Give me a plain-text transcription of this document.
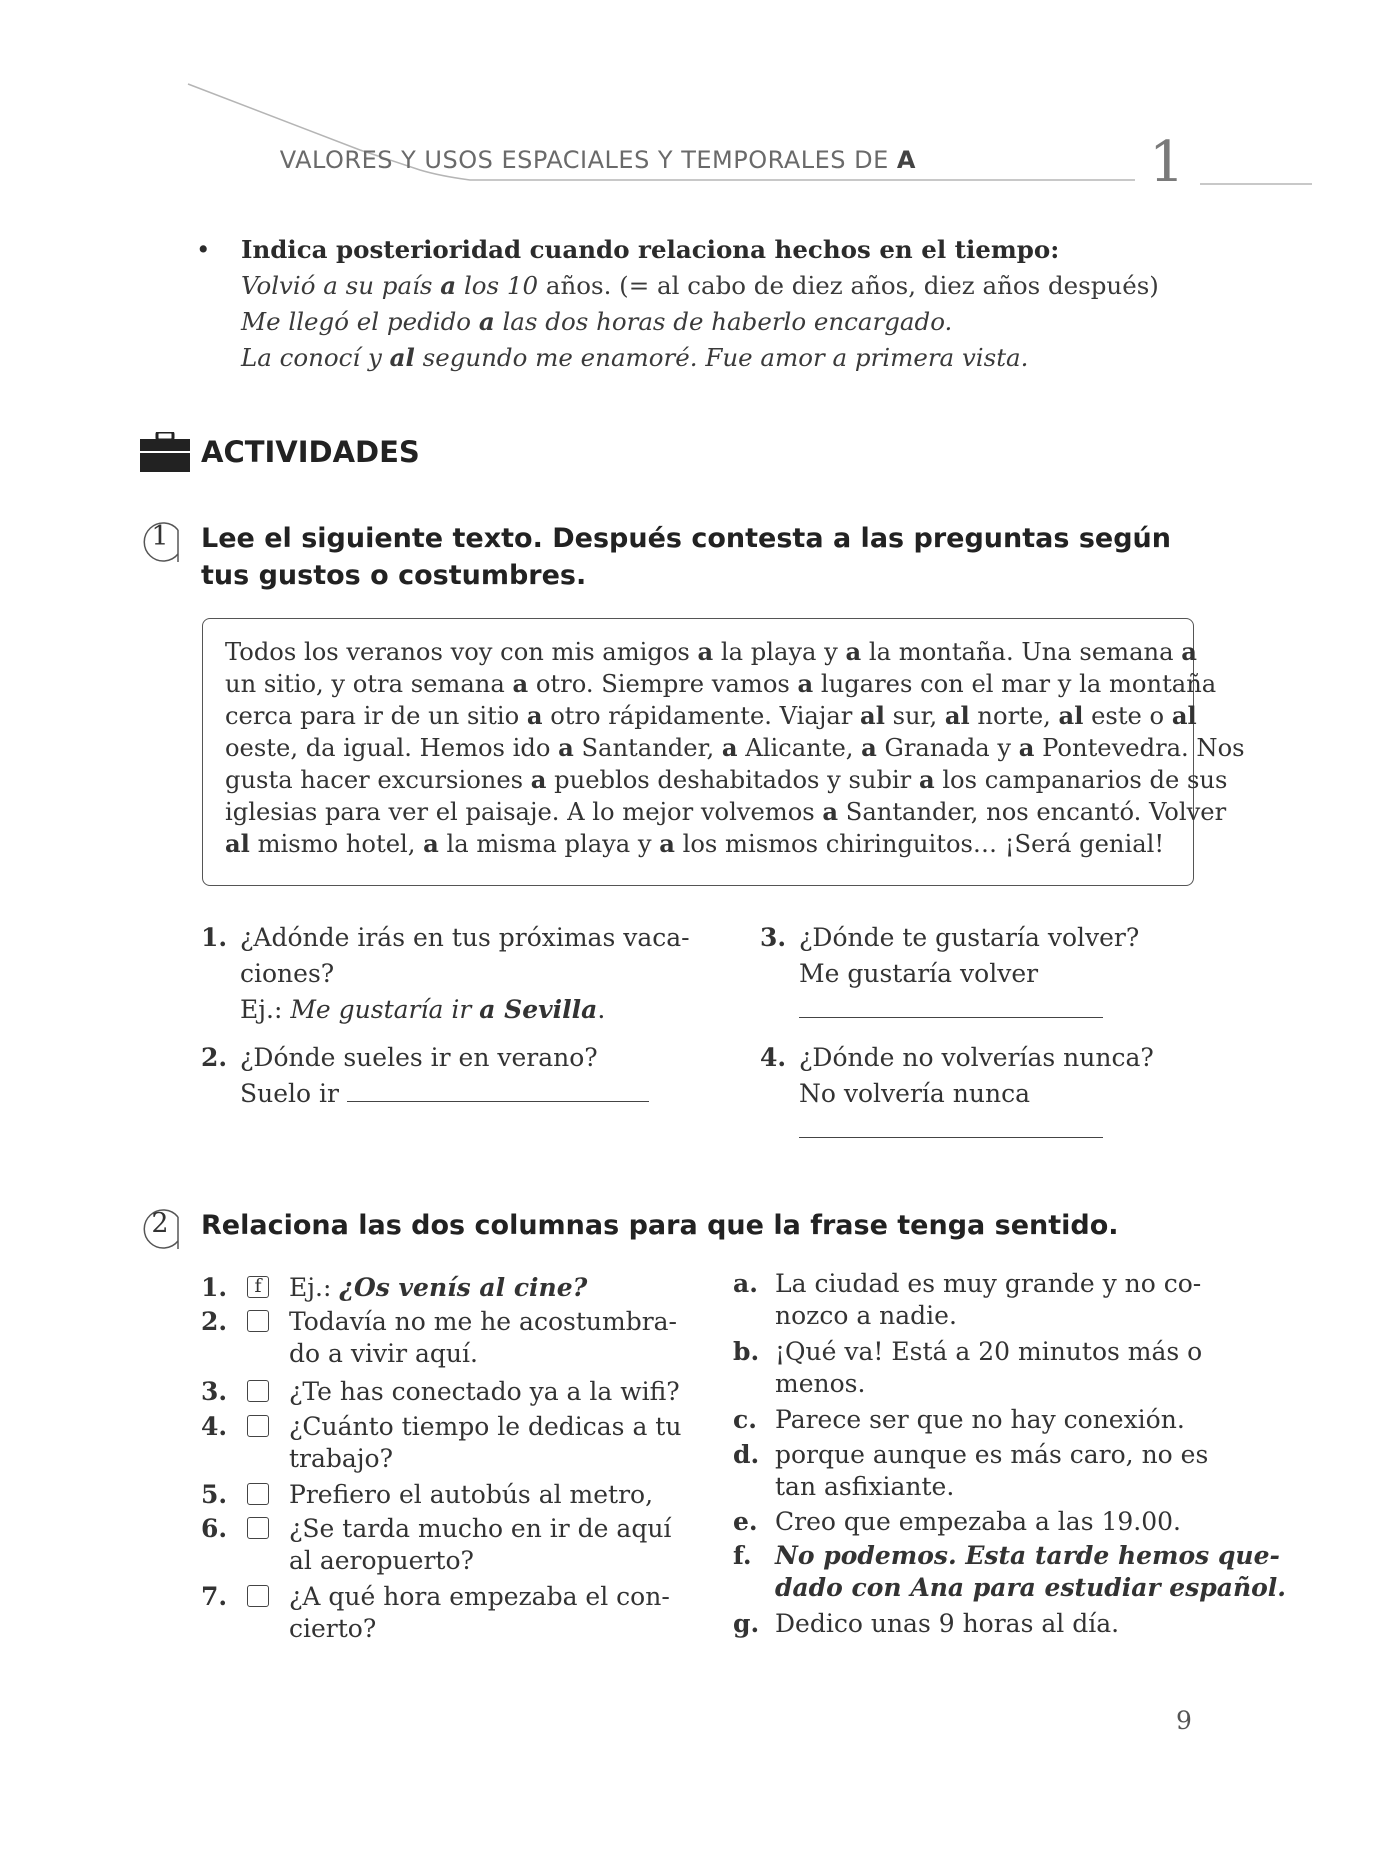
VALORES Y USOS ESPACIALES Y TEMPORALES DE A	1
• Indica posterioridad cuando relaciona hechos en el tiempo:
Volvió a su país a los 10 años. (= al cabo de diez años, diez años después)
Me llegó el pedido a las dos horas de haberlo encargado.
La conocí y al segundo me enamoré. Fue amor a primera vista.
ACTIVIDADES
1	Lee el siguiente texto. Después contesta a las preguntas según tus gustos o costumbres.
Todos los veranos voy con mis amigos a la playa y a la montaña. Una semana a
un sitio, y otra semana a otro. Siempre vamos a lugares con el mar y la montaña
cerca para ir de un sitio a otro rápidamente. Viajar al sur, al norte, al este o al
oeste, da igual. Hemos ido a Santander, a Alicante, a Granada y a Pontevedra. Nos
gusta hacer excursiones a pueblos deshabitados y subir a los campanarios de sus
iglesias para ver el paisaje. A lo mejor volvemos a Santander, nos encantó. Volver
al mismo hotel, a la misma playa y a los mismos chiringuitos… ¡Será genial!
1. ¿Adónde irás en tus próximas vaca-
ciones?
Ej.: Me gustaría ir a Sevilla.
2. ¿Dónde sueles ir en verano?
Suelo ir
3. ¿Dónde te gustaría volver?
Me gustaría volver
4. ¿Dónde no volverías nunca?
No volvería nunca
2	Relaciona las dos columnas para que la frase tenga sentido.
1.	f Ej.: ¿Os venís al cine?
2. Todavía no me he acostumbra-
do a vivir aquí.
3. ¿Te has conectado ya a la wifi?
4. ¿Cuánto tiempo le dedicas a tu
trabajo?
5. Prefiero el autobús al metro,
6. ¿Se tarda mucho en ir de aquí
al aeropuerto?
7. ¿A qué hora empezaba el con-
cierto?
a. La ciudad es muy grande y no co-
nozco a nadie.
b. ¡Qué va! Está a 20 minutos más o
menos.
c. Parece ser que no hay conexión.
d. porque aunque es más caro, no es
tan asfixiante.
e. Creo que empezaba a las 19.00.
f. No podemos. Esta tarde hemos que-
dado con Ana para estudiar español.
g. Dedico unas 9 horas al día.
9
